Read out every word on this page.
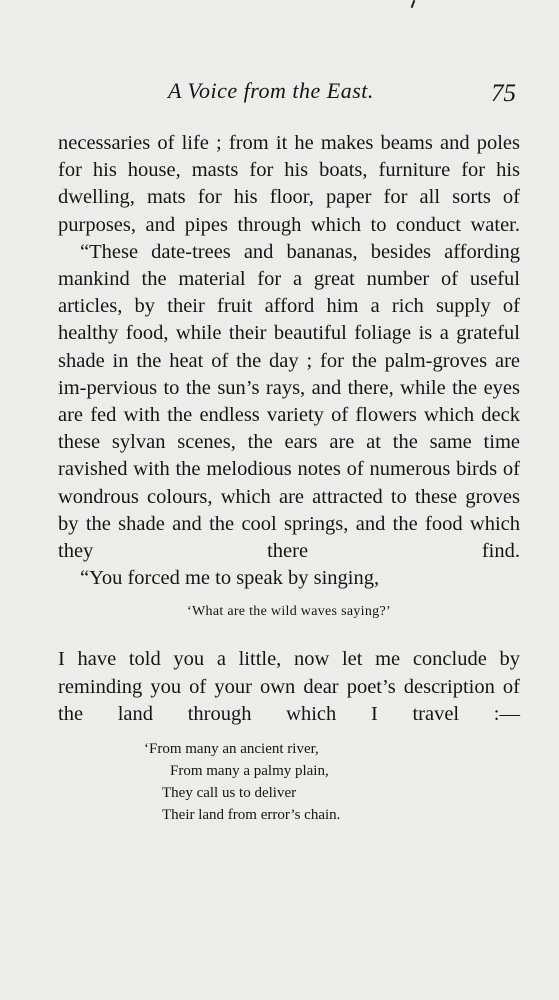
A Voice from the East.	75

necessaries of life ; from it he makes beams and poles for his house, masts for his boats, furniture for his dwelling, mats for his floor, paper for all sorts of purposes, and pipes through which to conduct water.

“These date-trees and bananas, besides affording mankind the material for a great number of useful articles, by their fruit afford him a rich supply of healthy food, while their beautiful foliage is a grateful shade in the heat of the day ; for the palm-groves are im-pervious to the sun’s rays, and there, while the eyes are fed with the endless variety of flowers which deck these sylvan scenes, the ears are at the same time ravished with the melodious notes of numerous birds of wondrous colours, which are attracted to these groves by the shade and the cool springs, and the food which they there find.

“You forced me to speak by singing,

‘What are the wild waves saying?’

I have told you a little, now let me conclude by reminding you of your own dear poet’s description of the land through which I travel :—

‘From many an ancient river,
From many a palmy plain,
They call us to deliver
Their land from error’s chain.
